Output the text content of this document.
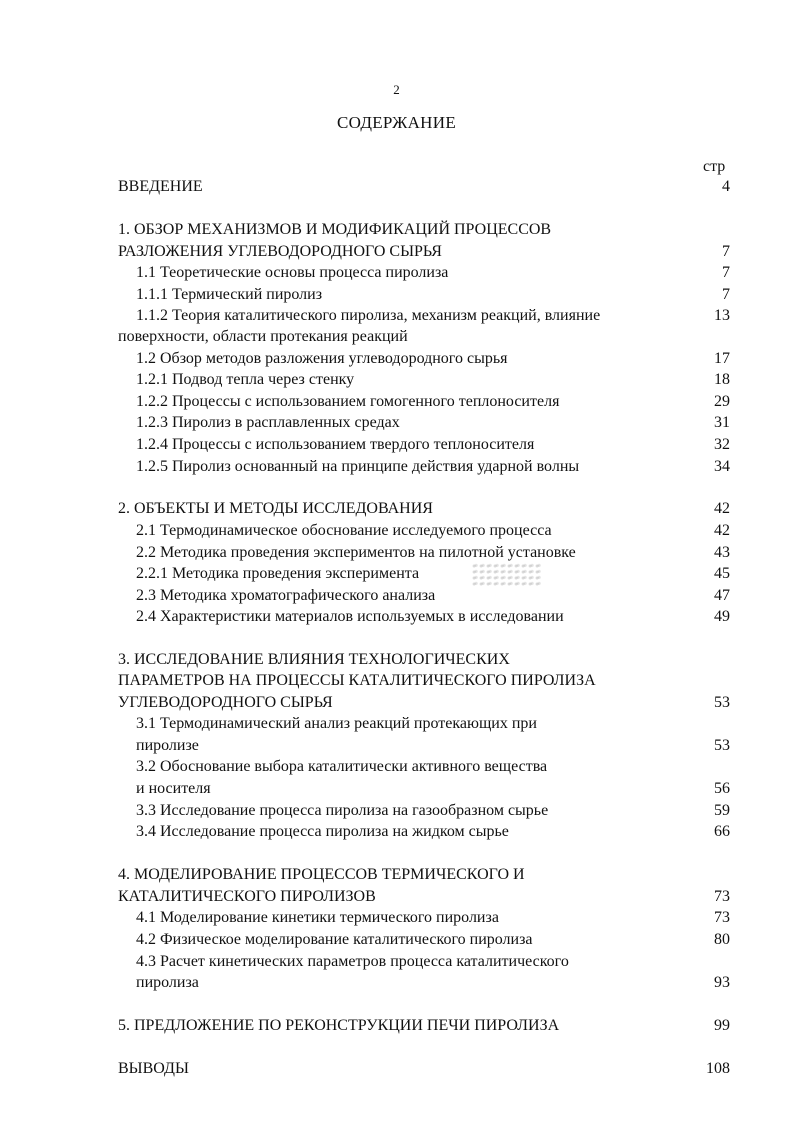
2
СОДЕРЖАНИЕ
стр
ВВЕДЕНИЕ	4
1. ОБЗОР МЕХАНИЗМОВ И МОДИФИКАЦИЙ ПРОЦЕССОВ
РАЗЛОЖЕНИЯ УГЛЕВОДОРОДНОГО СЫРЬЯ	7
1.1 Теоретические основы процесса пиролиза	7
1.1.1 Термический пиролиз	7
1.1.2 Теория каталитического пиролиза, механизм реакций, влияние	13
поверхности, области протекания реакций
1.2 Обзор методов разложения углеводородного сырья	17
1.2.1 Подвод тепла через стенку	18
1.2.2 Процессы с использованием гомогенного теплоносителя	29
1.2.3 Пиролиз в расплавленных средах	31
1.2.4 Процессы с использованием твердого теплоносителя	32
1.2.5 Пиролиз основанный на принципе действия ударной волны	34
2. ОБЪЕКТЫ И МЕТОДЫ ИССЛЕДОВАНИЯ	42
2.1 Термодинамическое обоснование исследуемого процесса	42
2.2 Методика проведения экспериментов на пилотной установке	43
2.2.1 Методика проведения эксперимента	45
2.3 Методика хроматографического анализа	47
2.4 Характеристики материалов используемых в исследовании	49
3. ИССЛЕДОВАНИЕ ВЛИЯНИЯ ТЕХНОЛОГИЧЕСКИХ
ПАРАМЕТРОВ НА ПРОЦЕССЫ КАТАЛИТИЧЕСКОГО ПИРОЛИЗА
УГЛЕВОДОРОДНОГО СЫРЬЯ	53
3.1 Термодинамический анализ реакций протекающих при
пиролизе	53
3.2 Обоснование выбора каталитически активного вещества
и носителя	56
3.3 Исследование процесса пиролиза на газообразном сырье	59
3.4 Исследование процесса пиролиза на жидком сырье	66
4. МОДЕЛИРОВАНИЕ ПРОЦЕССОВ ТЕРМИЧЕСКОГО И
КАТАЛИТИЧЕСКОГО ПИРОЛИЗОВ	73
4.1 Моделирование кинетики термического пиролиза	73
4.2 Физическое моделирование каталитического пиролиза	80
4.3 Расчет кинетических параметров процесса каталитического
пиролиза	93
5. ПРЕДЛОЖЕНИЕ ПО РЕКОНСТРУКЦИИ ПЕЧИ ПИРОЛИЗА	99
ВЫВОДЫ	108
